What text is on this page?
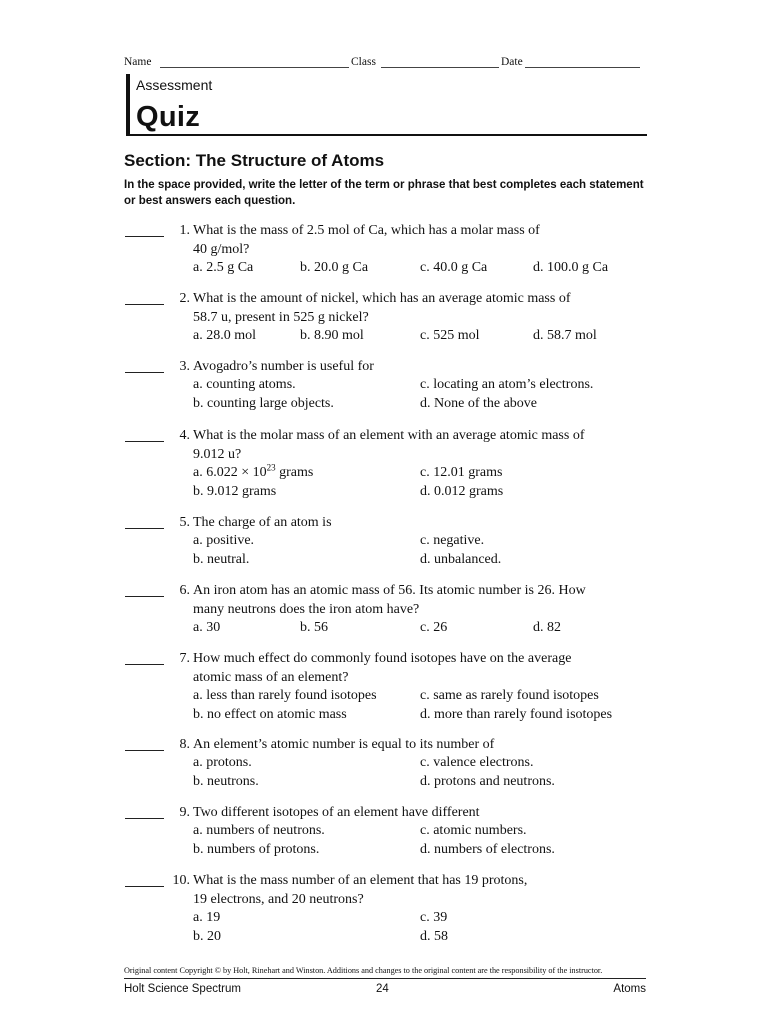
Name	Class	Date
Assessment
Quiz
Section: The Structure of Atoms
In the space provided, write the letter of the term or phrase that best completes each statement or best answers each question.
1. What is the mass of 2.5 mol of Ca, which has a molar mass of
40 g/mol?
a. 2.5 g Ca	b. 20.0 g Ca	c. 40.0 g Ca	d. 100.0 g Ca
2. What is the amount of nickel, which has an average atomic mass of
58.7 u, present in 525 g nickel?
a. 28.0 mol	b. 8.90 mol	c. 525 mol	d. 58.7 mol
3. Avogadro’s number is useful for
a. counting atoms.	c. locating an atom’s electrons.
b. counting large objects.	d. None of the above
4. What is the molar mass of an element with an average atomic mass of
9.012 u?
a. $6.022 \times 10^{23}$ grams	c. 12.01 grams
b. 9.012 grams	d. 0.012 grams
5. The charge of an atom is
a. positive.	c. negative.
b. neutral.	d. unbalanced.
6. An iron atom has an atomic mass of 56. Its atomic number is 26. How
many neutrons does the iron atom have?
a. 30	b. 56	c. 26	d. 82
7. How much effect do commonly found isotopes have on the average
atomic mass of an element?
a. less than rarely found isotopes	c. same as rarely found isotopes
b. no effect on atomic mass	d. more than rarely found isotopes
8. An element’s atomic number is equal to its number of
a. protons.	c. valence electrons.
b. neutrons.	d. protons and neutrons.
9. Two different isotopes of an element have different
a. numbers of neutrons.	c. atomic numbers.
b. numbers of protons.	d. numbers of electrons.
10. What is the mass number of an element that has 19 protons,
19 electrons, and 20 neutrons?
a. 19	c. 39
b. 20	d. 58
Original content Copyright © by Holt, Rinehart and Winston. Additions and changes to the original content are the responsibility of the instructor.
Holt Science Spectrum	24	Atoms
